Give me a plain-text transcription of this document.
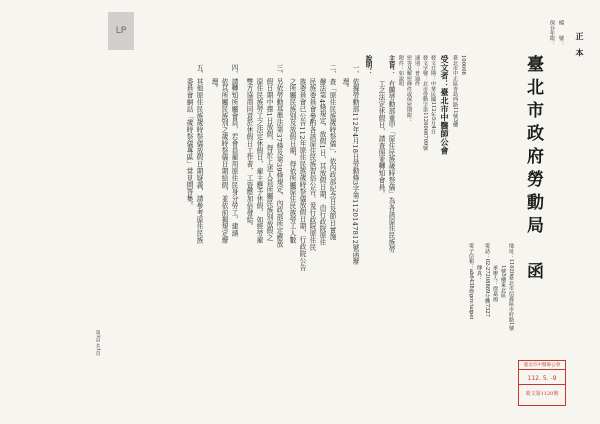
正　本
檔　　號：
保存年限：
臺北市政府勞動局　函
地址：11020臺北市信義區市府路1號
1號5樓東北區
承辦人：徐嘉鴻
電話：02-27208889分機7327
傳真：
電子信箱：ab6438@gov.taipei
100008
臺北市中正區青島西路11號3樓
受文者：臺北市中醫師公會
發文日期：中華民國112年5月4日
發文字號：北市勞動字第1126066709號
速別：普通件
密等及解密條件或保密期限：
附件：如說明
主旨：
有關勞動部重申「原住民族歲時祭儀」為各該原住民族勞
工之法定休假日，請查照並轉知會員。
說明：
一、
依據勞動部112年4月18日勞動條3字第1120147812號函辦
理。
二、
查「原住民族歲時祭儀」，依內政部紀念日及節日實施
辦法第4條規定，放假1日，其放假日期，由行政院原住
民族委員會參酌各該原住民族習俗公告。爰行政院原住民
族委員會已公告112年原住民族歲時祭儀放假日期，行政院公告
之所屬民族別及放假日期，得依所屬原住民族勞工人數
三、
另依勞動基準法第37條及第39條規定，內政部所定應放
假日期中擇1日放假，得於上述人員所屬民族別放假之
原住民族勞工之法定休假日，雇主應予休假，如經勞雇
雙方協商同意於休假日工作者，工資應加倍發給。
四、
請轉知所屬會員，若會員雇用原住民身分勞工，建請
依其所屬民族別之歲時祭儀日期給假，並依前揭規定辦
理。
五、
其他原住民族歲時祭儀放假日期疑義，請參考原住民族
委員會網站「歲時祭儀專區」常見問答集。
第1頁 共1頁
LP
臺北市中醫師公會
112. 5. -9
收文第1120號
